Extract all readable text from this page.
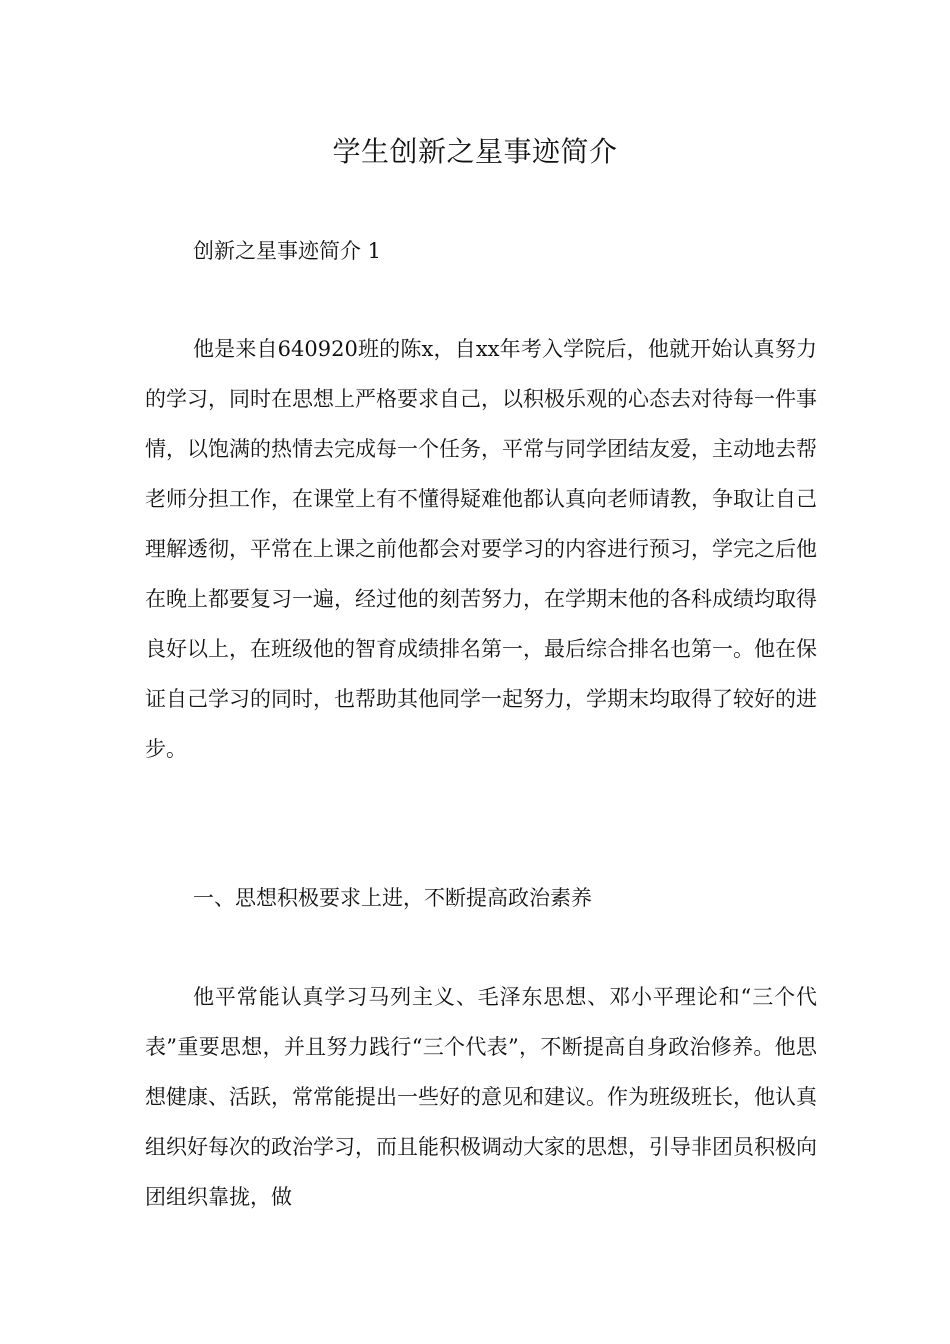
学生创新之星事迹简介

创新之星事迹简介 1

他是来自640920班的陈x，自xx年考入学院后，他就开始认真努力的学习，同时在思想上严格要求自己，以积极乐观的心态去对待每一件事情，以饱满的热情去完成每一个任务，平常与同学团结友爱，主动地去帮老师分担工作，在课堂上有不懂得疑难他都认真向老师请教，争取让自己理解透彻，平常在上课之前他都会对要学习的内容进行预习，学完之后他在晚上都要复习一遍，经过他的刻苦努力，在学期末他的各科成绩均取得良好以上，在班级他的智育成绩排名第一，最后综合排名也第一。他在保证自己学习的同时，也帮助其他同学一起努力，学期末均取得了较好的进步。

一、思想积极要求上进，不断提高政治素养

他平常能认真学习马列主义、毛泽东思想、邓小平理论和“三个代表”重要思想，并且努力践行“三个代表”，不断提高自身政治修养。他思想健康、活跃，常常能提出一些好的意见和建议。作为班级班长，他认真组织好每次的政治学习，而且能积极调动大家的思想，引导非团员积极向团组织靠拢，做
